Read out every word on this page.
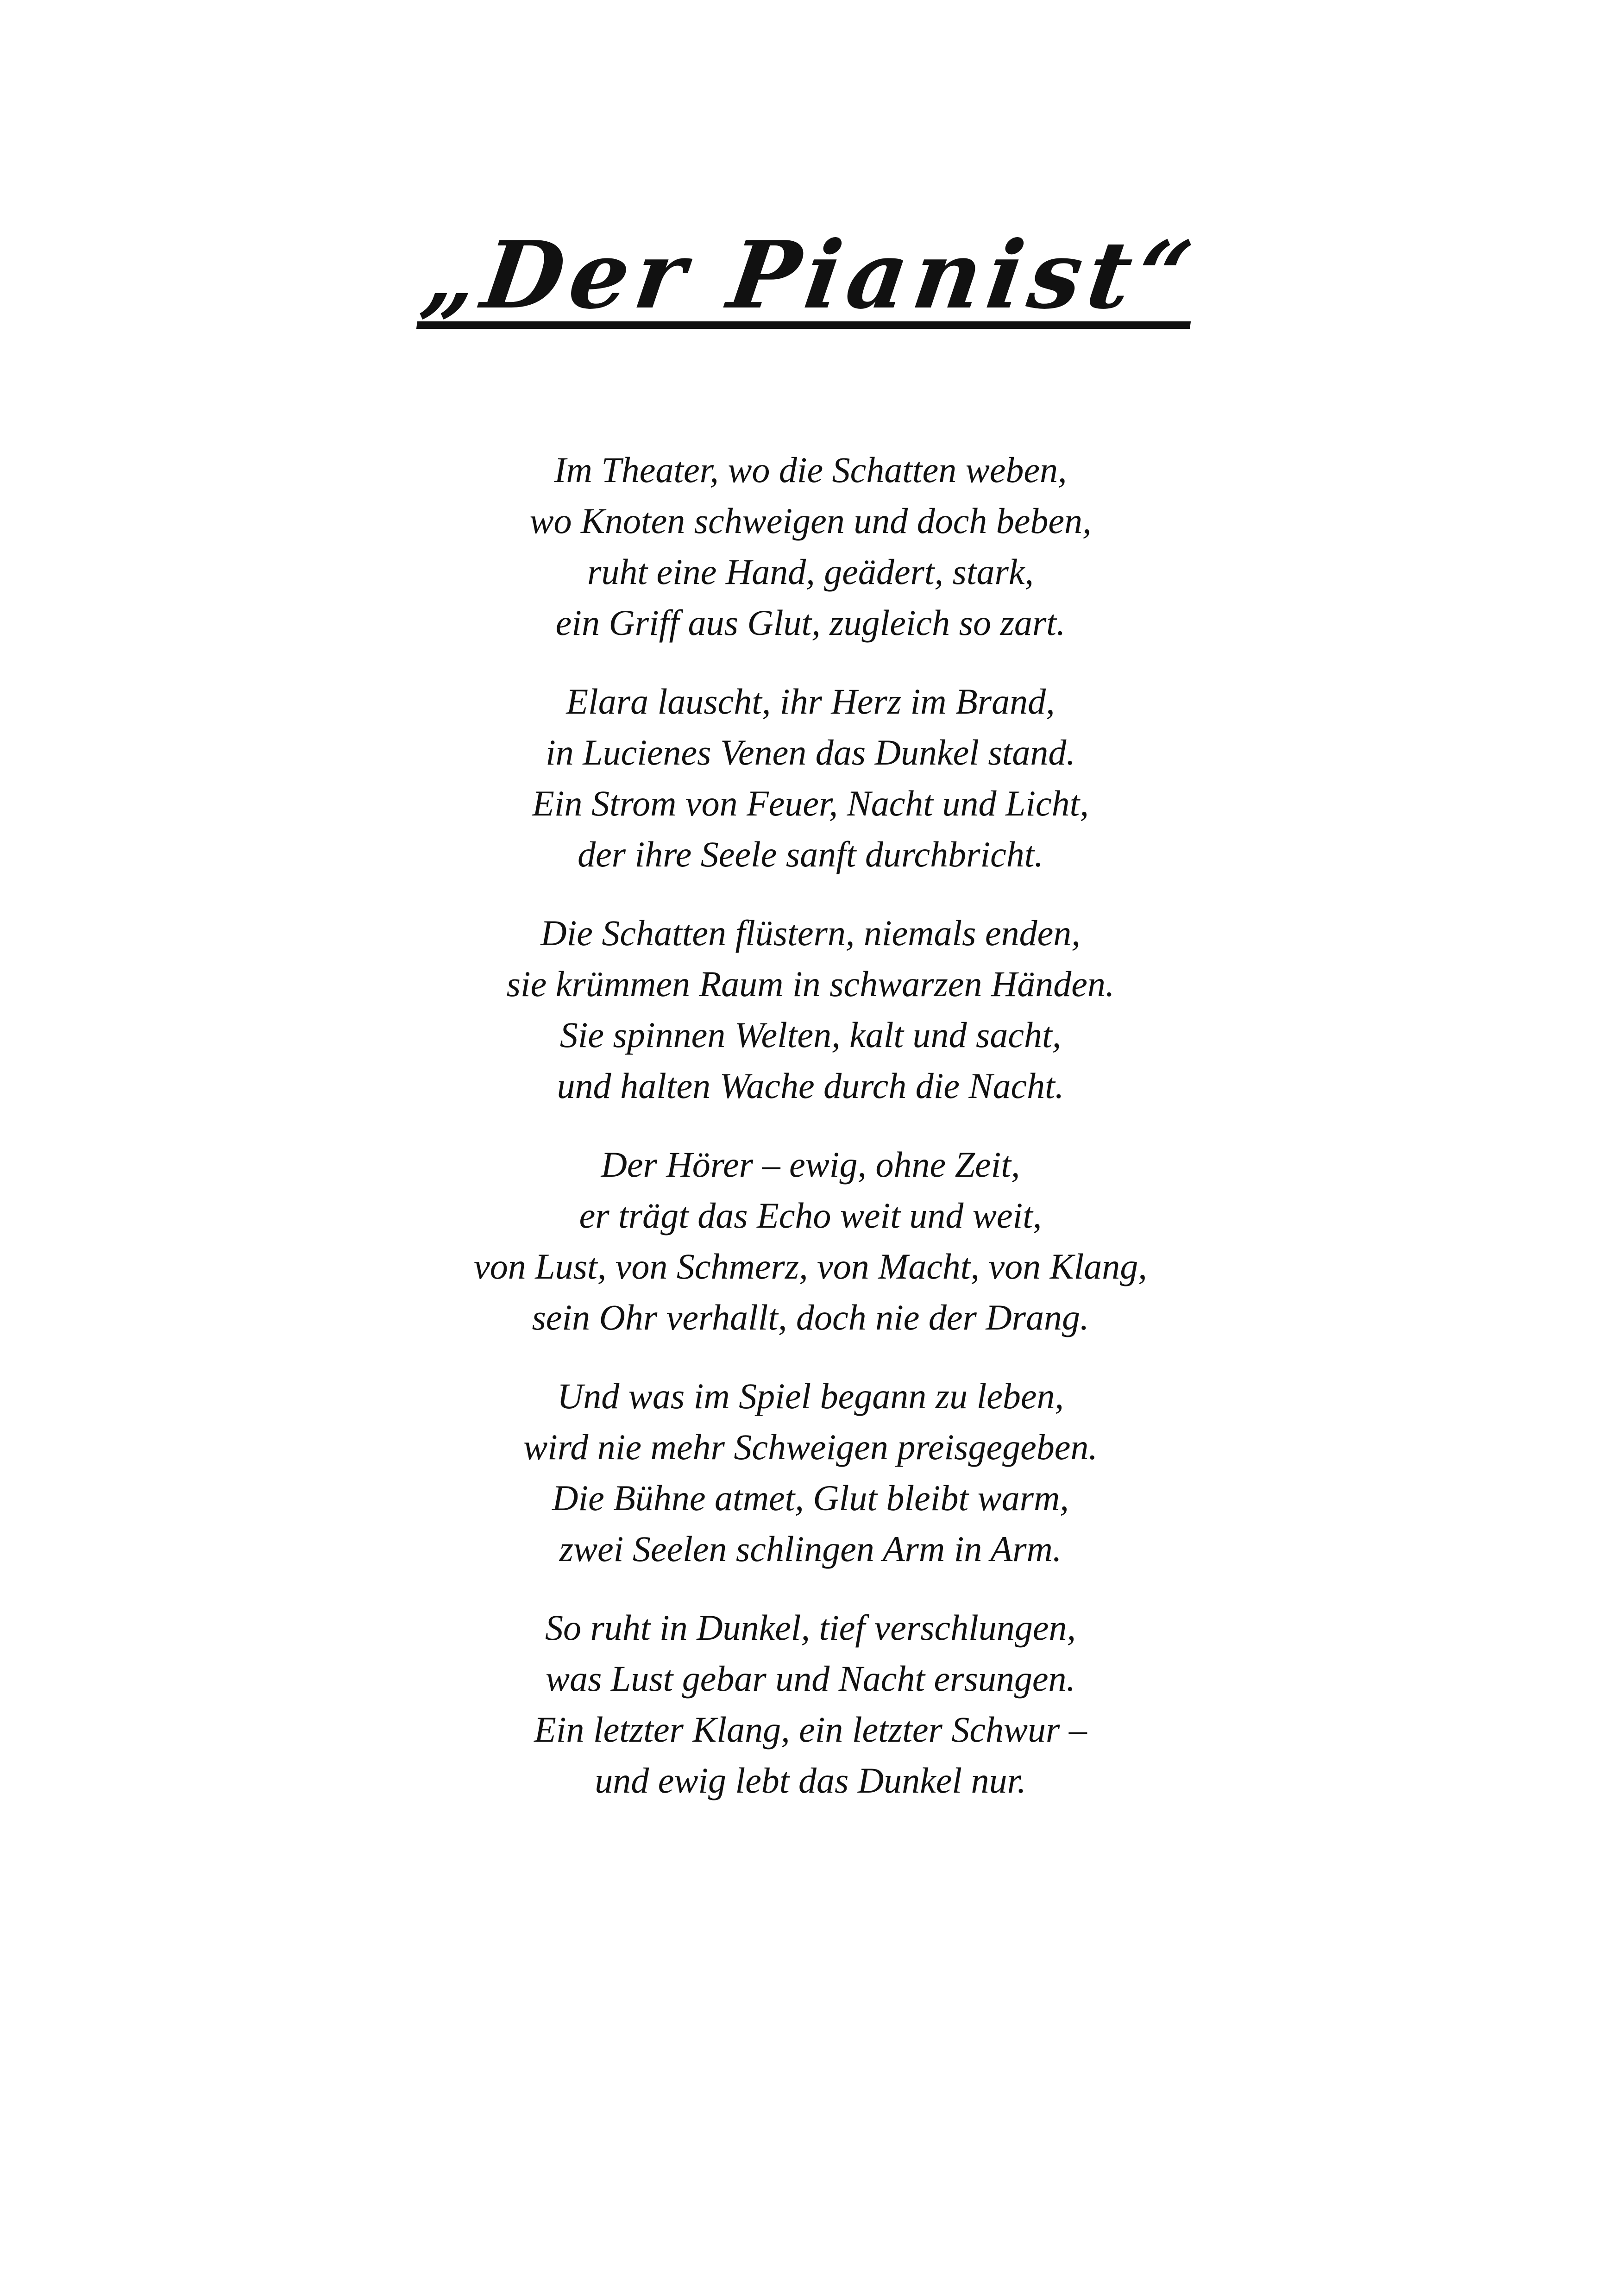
„Der Pianist“
Im Theater, wo die Schatten weben,
wo Knoten schweigen und doch beben,
ruht eine Hand, geädert, stark,
ein Griff aus Glut, zugleich so zart.
Elara lauscht, ihr Herz im Brand,
in Lucienes Venen das Dunkel stand.
Ein Strom von Feuer, Nacht und Licht,
der ihre Seele sanft durchbricht.
Die Schatten flüstern, niemals enden,
sie krümmen Raum in schwarzen Händen.
Sie spinnen Welten, kalt und sacht,
und halten Wache durch die Nacht.
Der Hörer – ewig, ohne Zeit,
er trägt das Echo weit und weit,
von Lust, von Schmerz, von Macht, von Klang,
sein Ohr verhallt, doch nie der Drang.
Und was im Spiel begann zu leben,
wird nie mehr Schweigen preisgegeben.
Die Bühne atmet, Glut bleibt warm,
zwei Seelen schlingen Arm in Arm.
So ruht in Dunkel, tief verschlungen,
was Lust gebar und Nacht ersungen.
Ein letzter Klang, ein letzter Schwur –
und ewig lebt das Dunkel nur.
